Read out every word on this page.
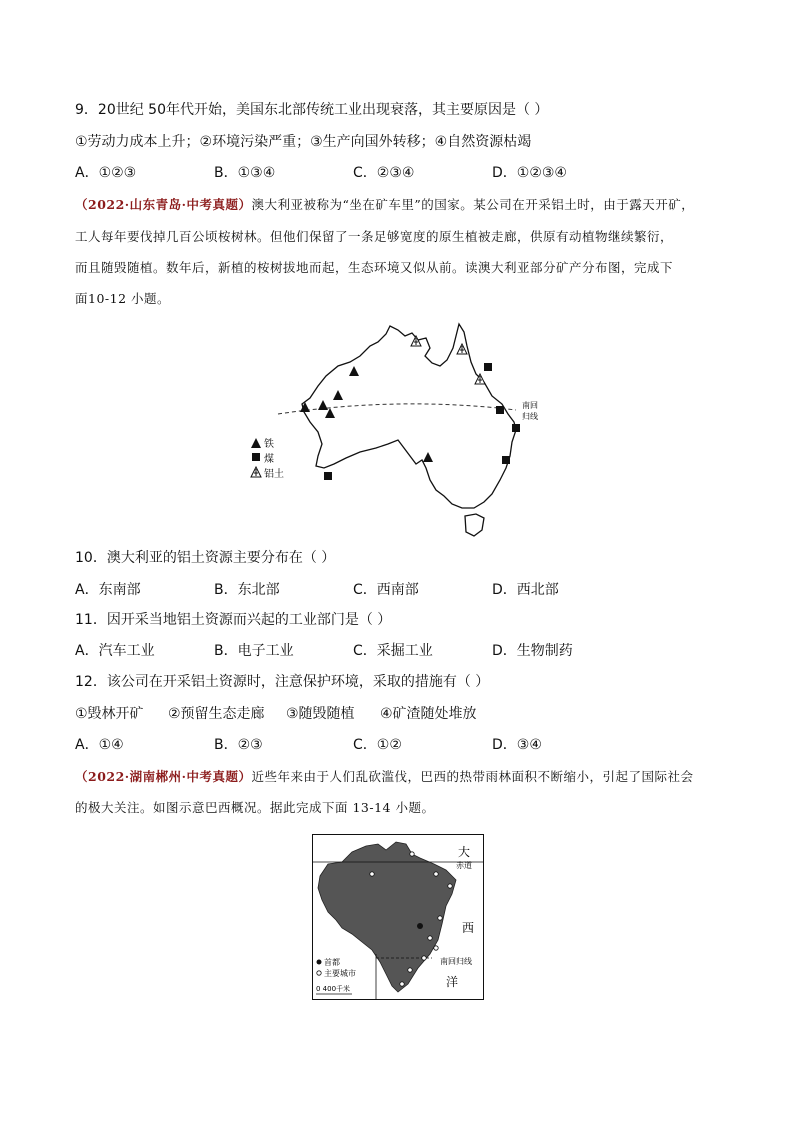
9．20世纪 50年代开始，美国东北部传统工业出现衰落，其主要原因是（ ）
①劳动力成本上升；②环境污染严重；③生产向国外转移；④自然资源枯竭
A．①②③	B．①③④	C．②③④	D．①②③④
（2022·山东青岛·中考真题）澳大利亚被称为“坐在矿车里”的国家。某公司在开采铝土时，由于露天开矿，
工人每年要伐掉几百公顷桉树林。但他们保留了一条足够宽度的原生植被走廊，供原有动植物继续繁衍，
而且随毁随植。数年后，新植的桉树拔地而起，生态环境又似从前。读澳大利亚部分矿产分布图，完成下
面10-12 小题。
南回
归线
铁
煤
铝土
10．澳大利亚的铝土资源主要分布在（ ）
A．东南部	B．东北部	C．西南部	D．西北部
11．因开采当地铝土资源而兴起的工业部门是（ ）
A．汽车工业	B．电子工业	C．采掘工业	D．生物制药
12．该公司在开采铝土资源时，注意保护环境，采取的措施有（ ）
①毁林开矿 ②预留生态走廊 ③随毁随植 ④矿渣随处堆放
A．①④	B．②③	C．①②	D．③④
（2022·湖南郴州·中考真题）近些年来由于人们乱砍滥伐，巴西的热带雨林面积不断缩小，引起了国际社会
的极大关注。如图示意巴西概况。据此完成下面 13-14 小题。
大
赤道
西
南回归线
洋
首都
主要城市
0 400千米
